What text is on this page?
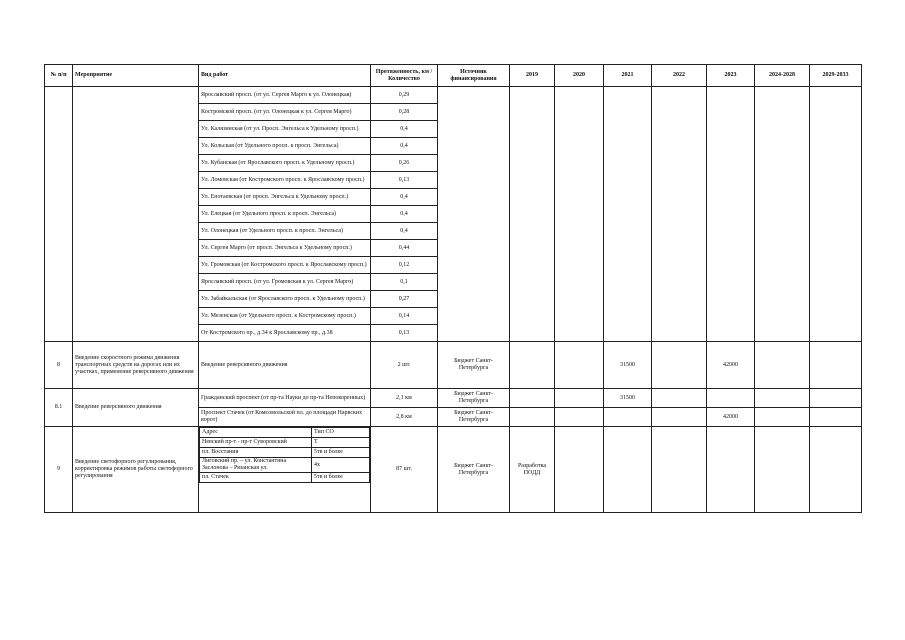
№ п/п	Мероприятие	Вид работ	Протяженность, км / Количество	Источник финансирования	2019	2020	2021	2022	2023	2024-2028	2029-2033
		Ярославский просп. (от ул. Сергея Марго к ул. Олонецкая)	0,29								
Костромской просп. (от ул. Олонецкая к ул. Сергея Марго)	0,28
Ул. Калязинская (от ул. Просп. Энгельса к Удельному просп.)	0,4
Ул. Кольская (от Удельного просп. к просп. Энгельса)	0,4
Ул. Кубанская (от Ярославского просп. к Удельному просп.)	0,26
Ул. Ломовская (от Костромского просп. к Ярославскому просп.)	0,13
Ул. Енотаевская (от просп. Энгельса к Удельному просп.)	0,4
Ул. Елецкая (от Удельного просп. к просп. Энгельса)	0,4
Ул. Олонецкая (от Удельного просп. к просп. Энгельса)	0,4
Ул. Сергея Марго (от просп. Энгельса к Удельному просп.)	0,44
Ул. Громовская (от Костромского просп. к Ярославскому просп.)	0,12
Ярославский просп. (от ул. Громовская к ул. Сергея Марго)	0,1
Ул. Забайкальская (от Ярославского просп. к Удельному просп.)	0,27
Ул. Мезенская (от Удельного просп. к Костромскому просп.)	0,14
От Костромского пр., д.34 к Ярославскому пр., д.38	0,13
8	Введение скоростного режима движения транспортных средств на дорогах или их участках, применение реверсивного движения	Введение реверсивного движения	2 шт.	Бюджет Санкт-Петербурга			31500		42000		
8.1	Введение реверсивного движения	Гражданский проспект (от пр-та Науки до пр-та Непокоренных)	2,1 км	Бюджет Санкт-Петербурга			31500				
Проспект Стачек (от Комсомольской пл. до площади Нарвских ворот)	2,8 км	Бюджет Санкт-Петербурга					42000		
9	Введение светофорного регулирования, корректировка режимов работы светофорного регулирования	
Адрес	Тип СО
Невский пр-т - пр-т Суворовский	Т
пл. Восстания	5тв и более
Лиговский пр. – ул. Константина Заслонова – Рязанская ул.	4х
пл. Стачек	5тв и более
	87 шт.	Бюджет Санкт-Петербурга	Разработка ПОДД						
